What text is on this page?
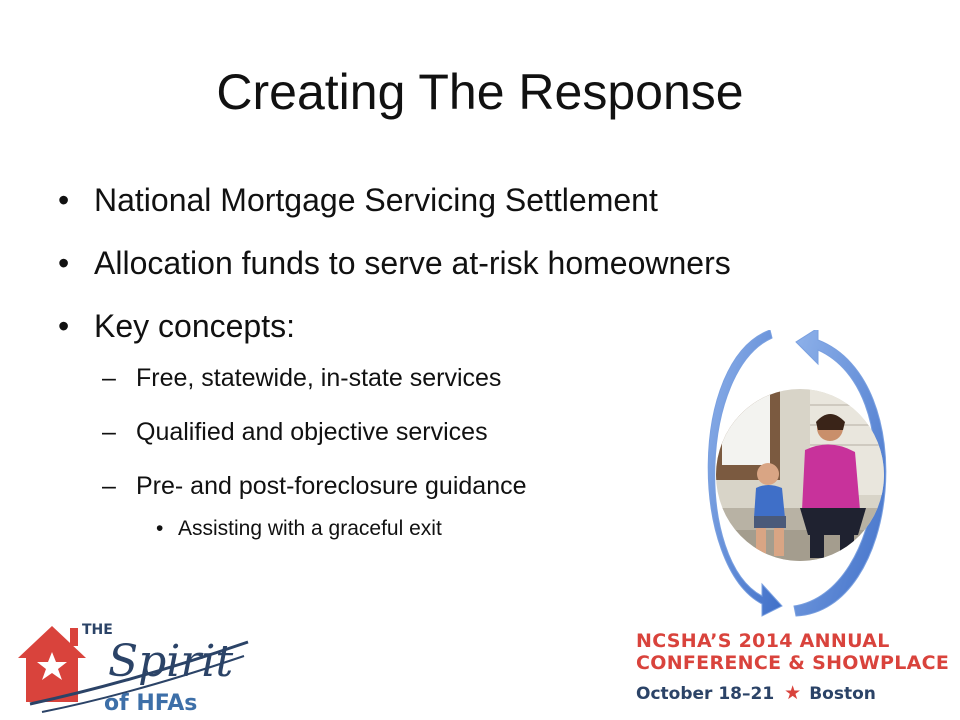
Creating The Response
• National Mortgage Servicing Settlement
• Allocation funds to serve at-risk homeowners
• Key concepts:
– Free, statewide, in-state services
– Qualified and objective services
– Pre- and post-foreclosure guidance
• Assisting with a graceful exit
THE
Spirit
of HFAs
NCSHA’S 2014 ANNUAL
CONFERENCE & SHOWPLACE
October 18–21 ★ Boston
